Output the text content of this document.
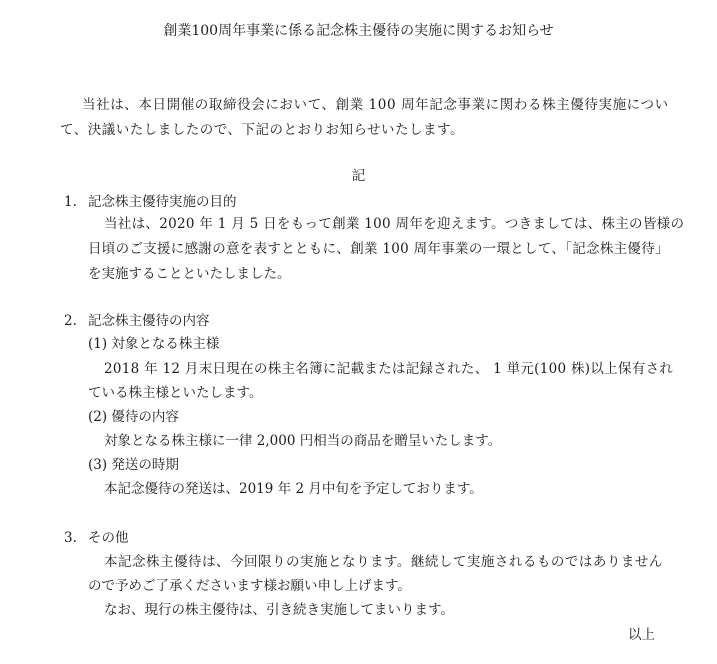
創業100周年事業に係る記念株主優待の実施に関するお知らせ
当社は、本日開催の取締役会において、創業 100 周年記念事業に関わる株主優待実施につい
て、決議いたしましたので、下記のとおりお知らせいたします。
記
1. 記念株主優待実施の目的
当社は、2020 年 1 月 5 日をもって創業 100 周年を迎えます。つきましては、株主の皆様の
日頃のご支援に感謝の意を表すとともに、創業 100 周年事業の一環として、「記念株主優待」
を実施することといたしました。
2. 記念株主優待の内容
(1) 対象となる株主様
2018 年 12 月末日現在の株主名簿に記載または記録された、 1 単元(100 株)以上保有され
ている株主様といたします。
(2) 優待の内容
対象となる株主様に一律 2,000 円相当の商品を贈呈いたします。
(3) 発送の時期
本記念優待の発送は、2019 年 2 月中旬を予定しております。
3. その他
本記念株主優待は、今回限りの実施となります。継続して実施されるものではありません
ので予めご了承くださいます様お願い申し上げます。
なお、現行の株主優待は、引き続き実施してまいります。
以上
